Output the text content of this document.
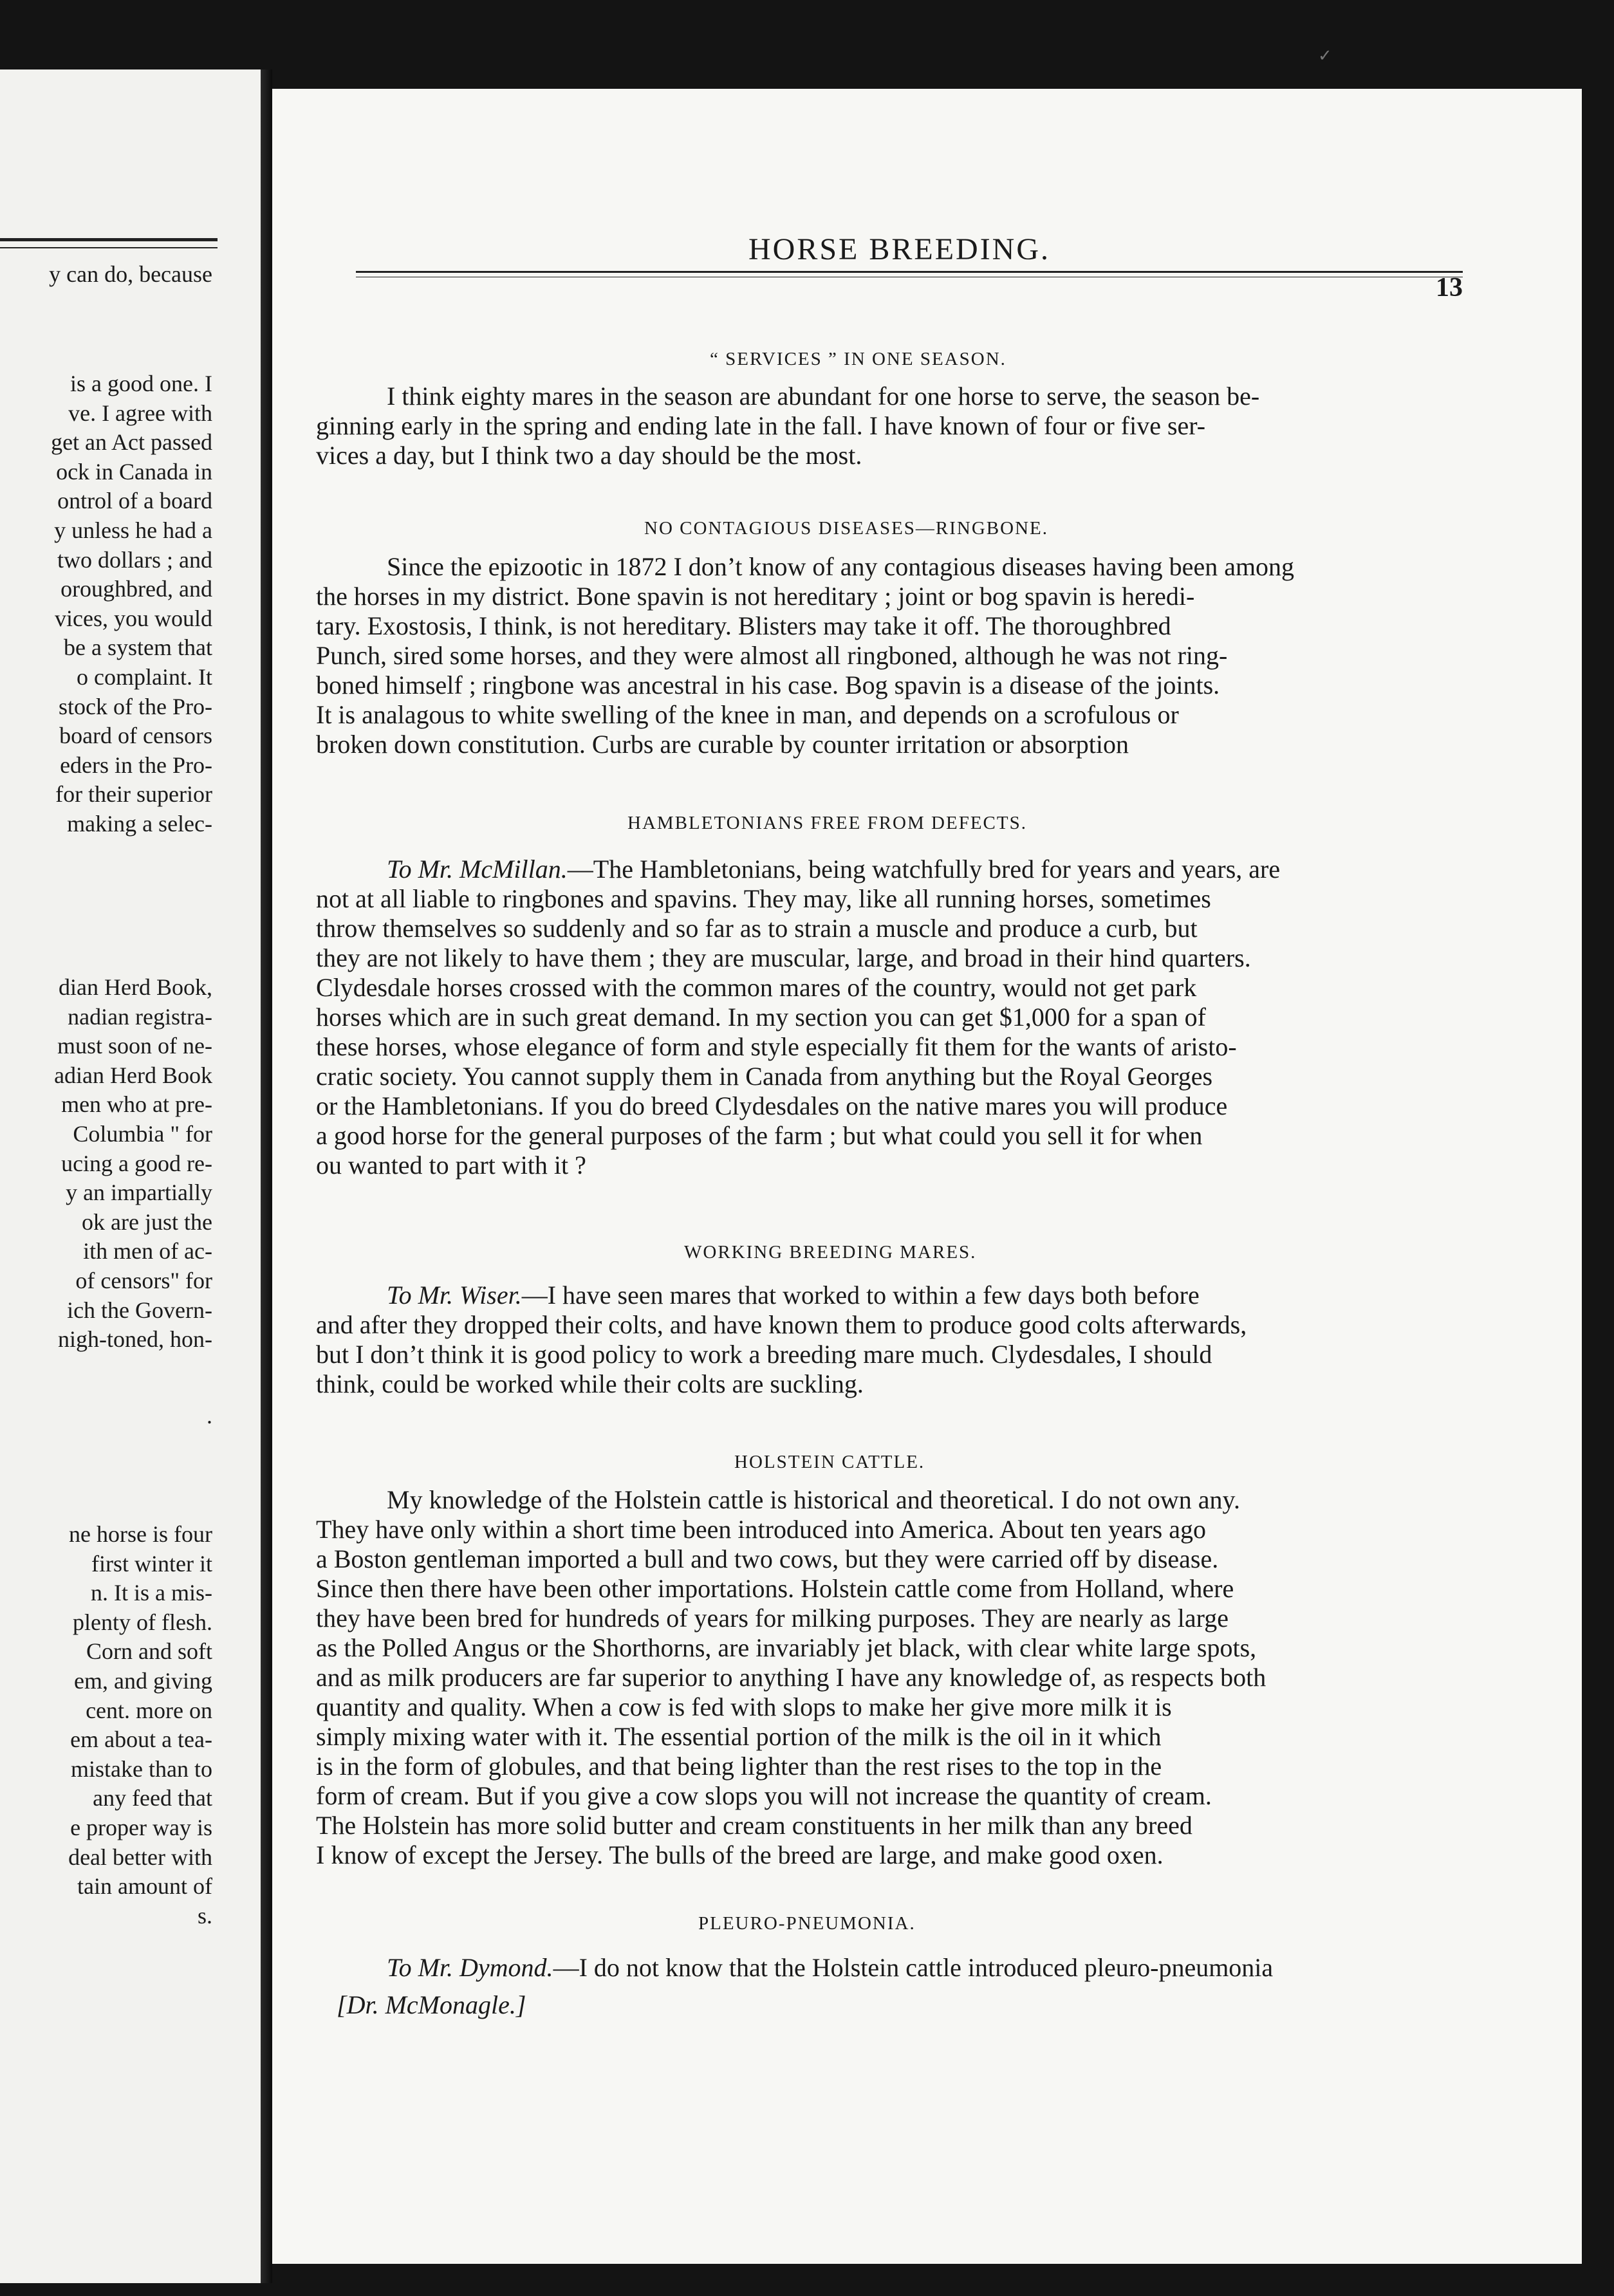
y can do, because
is a good one. I
ve. I agree with
get an Act passed
ock in Canada in
ontrol of a board
y unless he had a
two dollars ; and
oroughbred, and
vices, you would
be a system that
o complaint. It
stock of the Pro-
board of censors
eders in the Pro-
for their superior
making a selec-
dian Herd Book,
nadian registra-
must soon of ne-
adian Herd Book
men who at pre-
Columbia " for
ucing a good re-
y an impartially
ok are just the
ith men of ac-
of censors" for
ich the Govern-
nigh-toned, hon-
.
ne horse is four
first winter it
n. It is a mis-
plenty of flesh.
Corn and soft
em, and giving
cent. more on
em about a tea-
mistake than to
any feed that
e proper way is
deal better with
tain amount of
s.
✓
HORSE BREEDING.
13
“ SERVICES ” IN ONE SEASON.
I think eighty mares in the season are abundant for one horse to serve, the season be-
ginning early in the spring and ending late in the fall. I have known of four or five ser-
vices a day, but I think two a day should be the most.
NO CONTAGIOUS DISEASES—RINGBONE.
Since the epizootic in 1872 I don’t know of any contagious diseases having been among
the horses in my district. Bone spavin is not hereditary ; joint or bog spavin is heredi-
tary. Exostosis, I think, is not hereditary. Blisters may take it off. The thoroughbred
Punch, sired some horses, and they were almost all ringboned, although he was not ring-
boned himself ; ringbone was ancestral in his case. Bog spavin is a disease of the joints.
It is analagous to white swelling of the knee in man, and depends on a scrofulous or
broken down constitution. Curbs are curable by counter irritation or absorption
HAMBLETONIANS FREE FROM DEFECTS.
To Mr. McMillan.—The Hambletonians, being watchfully bred for years and years, are
not at all liable to ringbones and spavins. They may, like all running horses, sometimes
throw themselves so suddenly and so far as to strain a muscle and produce a curb, but
they are not likely to have them ; they are muscular, large, and broad in their hind quarters.
Clydesdale horses crossed with the common mares of the country, would not get park
horses which are in such great demand. In my section you can get $1,000 for a span of
these horses, whose elegance of form and style especially fit them for the wants of aristo-
cratic society. You cannot supply them in Canada from anything but the Royal Georges
or the Hambletonians. If you do breed Clydesdales on the native mares you will produce
a good horse for the general purposes of the farm ; but what could you sell it for when
ou wanted to part with it ?
WORKING BREEDING MARES.
To Mr. Wiser.—I have seen mares that worked to within a few days both before
and after they dropped their colts, and have known them to produce good colts afterwards,
but I don’t think it is good policy to work a breeding mare much. Clydesdales, I should
think, could be worked while their colts are suckling.
HOLSTEIN CATTLE.
My knowledge of the Holstein cattle is historical and theoretical. I do not own any.
They have only within a short time been introduced into America. About ten years ago
a Boston gentleman imported a bull and two cows, but they were carried off by disease.
Since then there have been other importations. Holstein cattle come from Holland, where
they have been bred for hundreds of years for milking purposes. They are nearly as large
as the Polled Angus or the Shorthorns, are invariably jet black, with clear white large spots,
and as milk producers are far superior to anything I have any knowledge of, as respects both
quantity and quality. When a cow is fed with slops to make her give more milk it is
simply mixing water with it. The essential portion of the milk is the oil in it which
is in the form of globules, and that being lighter than the rest rises to the top in the
form of cream. But if you give a cow slops you will not increase the quantity of cream.
The Holstein has more solid butter and cream constituents in her milk than any breed
I know of except the Jersey. The bulls of the breed are large, and make good oxen.
PLEURO-PNEUMONIA.
To Mr. Dymond.—I do not know that the Holstein cattle introduced pleuro-pneumonia
[Dr. McMonagle.]
